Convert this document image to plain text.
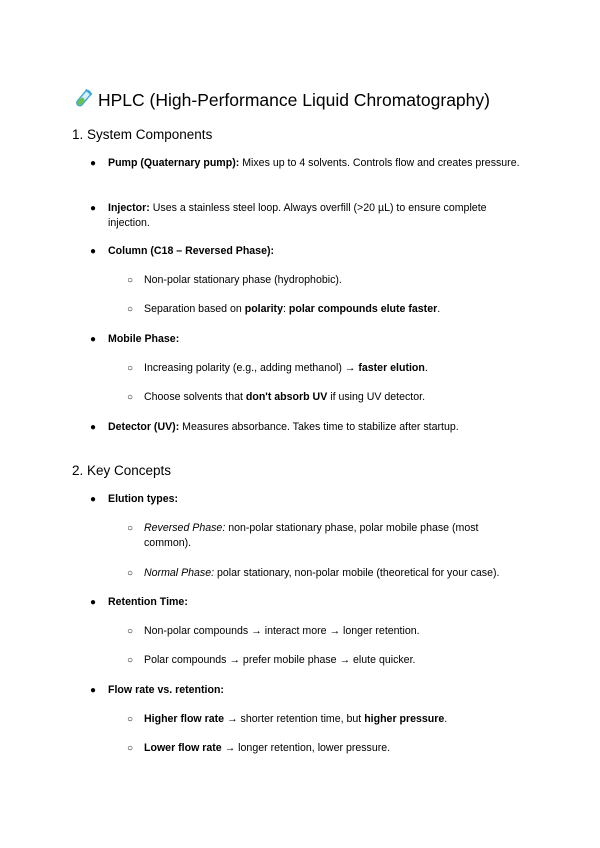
HPLC (High-Performance Liquid Chromatography)
1. System Components
● Pump (Quaternary pump): Mixes up to 4 solvents. Controls flow and creates pressure.
● Injector: Uses a stainless steel loop. Always overfill (>20 µL) to ensure complete injection.
● Column (C18 – Reversed Phase):
○ Non-polar stationary phase (hydrophobic).
○ Separation based on polarity: polar compounds elute faster.
● Mobile Phase:
○ Increasing polarity (e.g., adding methanol) → faster elution.
○ Choose solvents that don't absorb UV if using UV detector.
● Detector (UV): Measures absorbance. Takes time to stabilize after startup.
2. Key Concepts
● Elution types:
○ Reversed Phase: non-polar stationary phase, polar mobile phase (most common).
○ Normal Phase: polar stationary, non-polar mobile (theoretical for your case).
● Retention Time:
○ Non-polar compounds → interact more → longer retention.
○ Polar compounds → prefer mobile phase → elute quicker.
● Flow rate vs. retention:
○ Higher flow rate → shorter retention time, but higher pressure.
○ Lower flow rate → longer retention, lower pressure.
